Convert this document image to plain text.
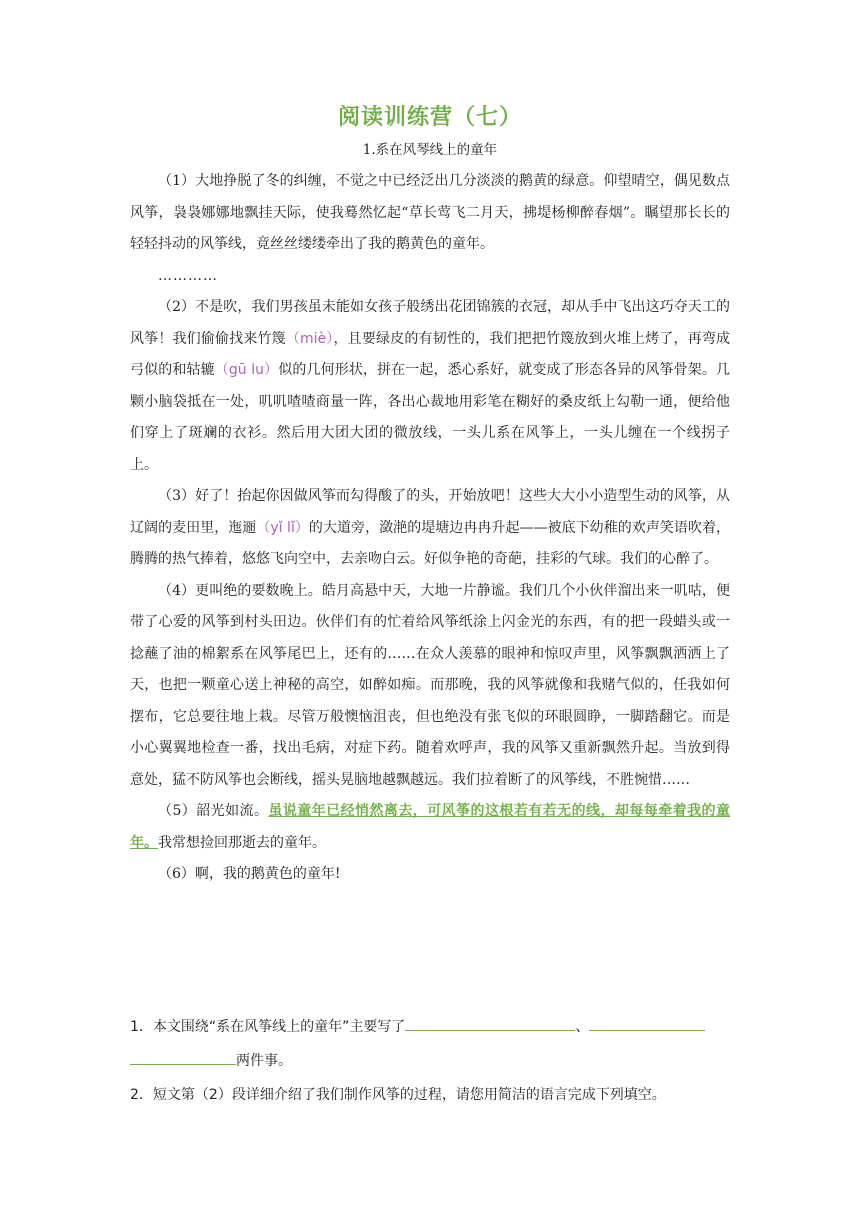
阅读训练营（七）
1.系在风琴线上的童年

（1）大地挣脱了冬的纠缠，不觉之中已经泛出几分淡淡的鹅黄的绿意。仰望晴空，偶见数点风筝，袅袅娜娜地飘挂天际，使我蓦然忆起“草长莺飞二月天，拂堤杨柳醉春烟”。瞩望那长长的轻轻抖动的风筝线，竟丝丝缕缕牵出了我的鹅黄色的童年。

…………

（2）不是吹，我们男孩虽未能如女孩子般绣出花团锦簇的衣冠，却从手中飞出这巧夺天工的风筝！我们偷偷找来竹篾（miè），且要绿皮的有韧性的，我们把把竹篾放到火堆上烤了，再弯成弓似的和轱辘（gū lu）似的几何形状，拼在一起，悉心系好，就变成了形态各异的风筝骨架。几颗小脑袋抵在一处，叽叽喳喳商量一阵，各出心裁地用彩笔在糊好的桑皮纸上勾勒一通，便给他们穿上了斑斓的衣衫。然后用大团大团的微放线，一头儿系在风筝上，一头儿缠在一个线拐子上。

（3）好了！抬起你因做风筝而勾得酸了的头，开始放吧！这些大大小小造型生动的风筝，从辽阔的麦田里，迤逦（yǐ lǐ）的大道旁，潋滟的堤塘边冉冉升起——被底下幼稚的欢声笑语吹着，腾腾的热气捧着，悠悠飞向空中，去亲吻白云。好似争艳的奇葩，挂彩的气球。我们的心醉了。

（4）更叫绝的要数晚上。皓月高悬中天，大地一片静谧。我们几个小伙伴溜出来一叽咕，便带了心爱的风筝到村头田边。伙伴们有的忙着给风筝纸涂上闪金光的东西，有的把一段蜡头或一捻蘸了油的棉絮系在风筝尾巴上，还有的……在众人羡慕的眼神和惊叹声里，风筝飘飘洒洒上了天，也把一颗童心送上神秘的高空，如醉如痴。而那晚，我的风筝就像和我赌气似的，任我如何摆布，它总要往地上栽。尽管万般懊恼沮丧，但也绝没有张飞似的环眼圆睁，一脚踏翻它。而是小心翼翼地检查一番，找出毛病，对症下药。随着欢呼声，我的风筝又重新飘然升起。当放到得意处，猛不防风筝也会断线，摇头晃脑地越飘越远。我们拉着断了的风筝线，不胜惋惜……

（5）韶光如流。虽说童年已经悄然离去，可风筝的这根若有若无的线，却每每牵着我的童年。我常想捡回那逝去的童年。

（6）啊，我的鹅黄色的童年!

1．本文围绕“系在风筝线上的童年”主要写了	、
两件事。
2．短文第（2）段详细介绍了我们制作风筝的过程，请您用简洁的语言完成下列填空。
